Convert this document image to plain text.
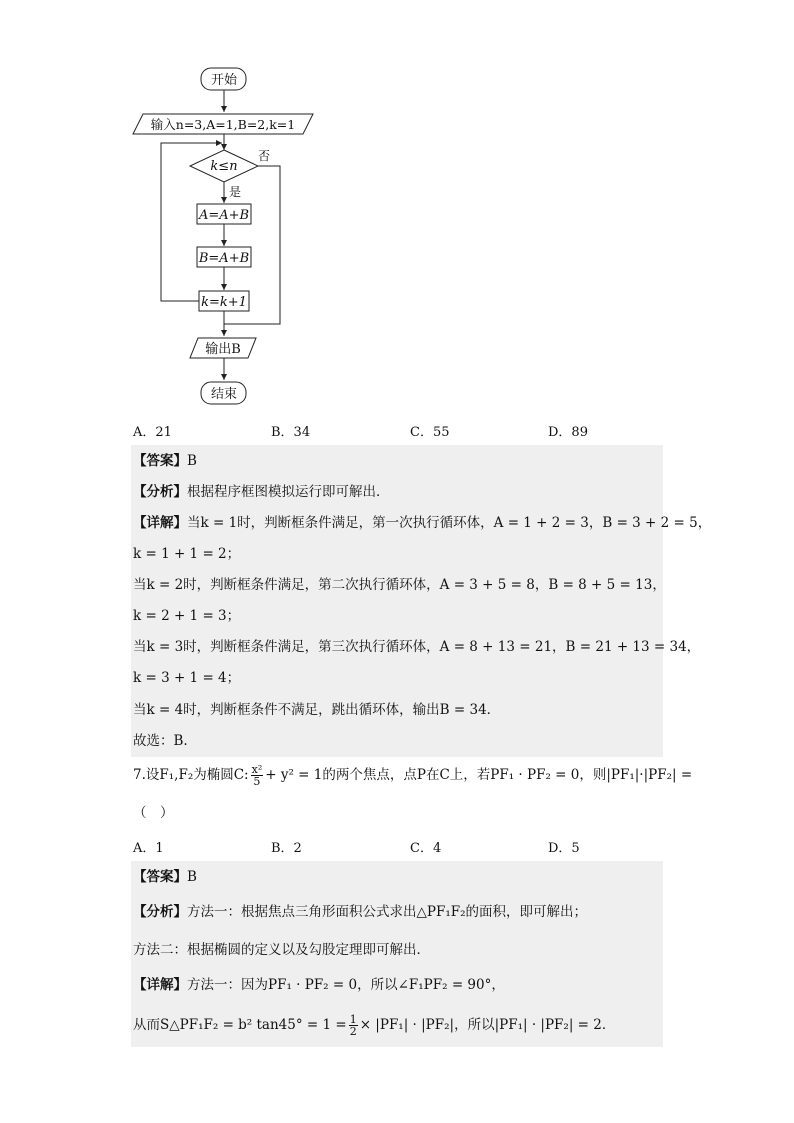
开始
输入n=3,A=1,B=2,k=1
k≤n
否
是
A=A+B
B=A+B
k=k+1
输出B
结束
A．21	B．34	C．55	D．89
【答案】B
【分析】根据程序框图模拟运行即可解出．
【详解】当k = 1时，判断框条件满足，第一次执行循环体，A = 1 + 2 = 3，B = 3 + 2 = 5，
k = 1 + 1 = 2；
当k = 2时，判断框条件满足，第二次执行循环体，A = 3 + 5 = 8，B = 8 + 5 = 13，
k = 2 + 1 = 3；
当k = 3时，判断框条件满足，第三次执行循环体，A = 8 + 13 = 21，B = 21 + 13 = 34，
k = 3 + 1 = 4；
当k = 4时，判断框条件不满足，跳出循环体，输出B = 34．
故选：B.
7.设F₁,F₂为椭圆C: $\frac{\text{x²}}{5} + y^2 = 1$的两个焦点，点P在C上，若PF₁ · PF₂ = 0，则|PF₁|·|PF₂| =
（　）
A．1	B．2	C．4	D．5
【答案】B
【分析】方法一：根据焦点三角形面积公式求出△PF₁F₂的面积，即可解出；
方法二：根据椭圆的定义以及勾股定理即可解出．
【详解】方法一：因为PF₁ · PF₂ = 0，所以∠F₁PF₂ = 90°，
从而S△PF₁F₂ = b² $\tan 45^\circ = 1 = \frac{1}{2} \times |PF_1| \cdot |PF_2|$，所以|PF₁| · |PF₂| = 2．
